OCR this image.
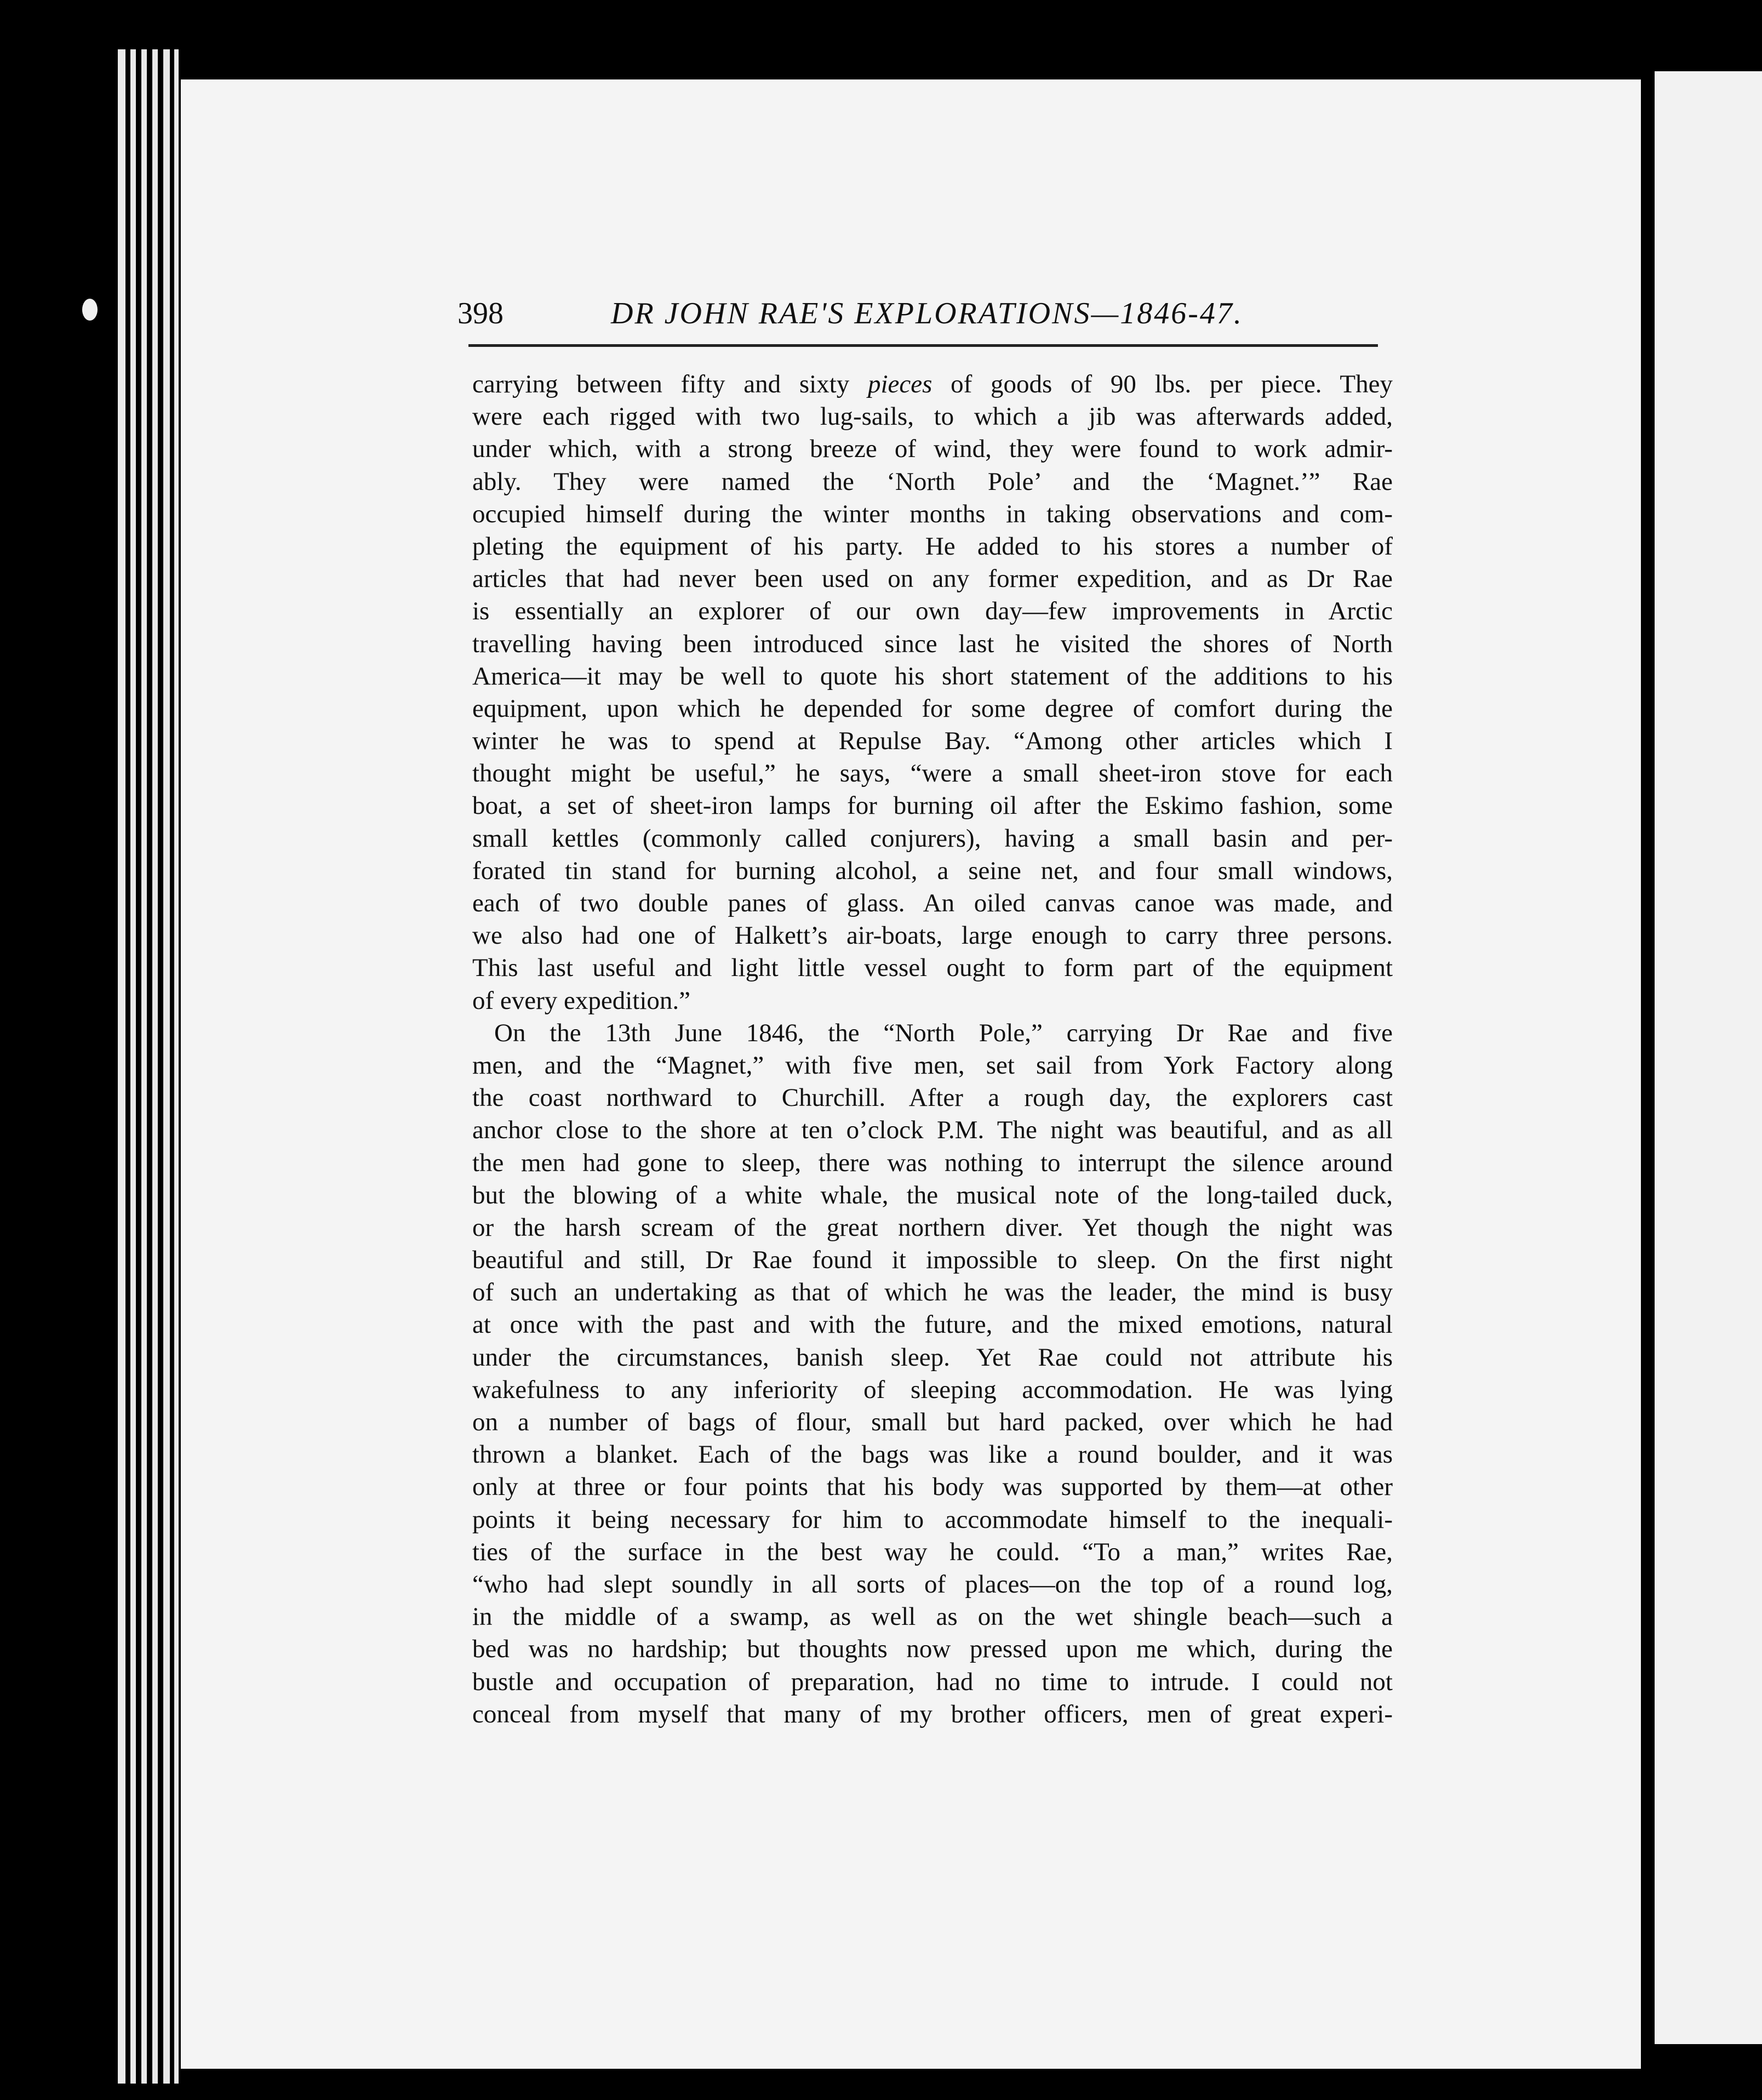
398	DR JOHN RAE'S EXPLORATIONS—1846-47.
carrying between fifty and sixty pieces of goods of 90 lbs. per piece. They
were each rigged with two lug-sails, to which a jib was afterwards added,
under which, with a strong breeze of wind, they were found to work admir-
ably. They were named the ‘North Pole’ and the ‘Magnet.’” Rae
occupied himself during the winter months in taking observations and com-
pleting the equipment of his party. He added to his stores a number of
articles that had never been used on any former expedition, and as Dr Rae
is essentially an explorer of our own day—few improvements in Arctic
travelling having been introduced since last he visited the shores of North
America—it may be well to quote his short statement of the additions to his
equipment, upon which he depended for some degree of comfort during the
winter he was to spend at Repulse Bay. “Among other articles which I
thought might be useful,” he says, “were a small sheet-iron stove for each
boat, a set of sheet-iron lamps for burning oil after the Eskimo fashion, some
small kettles (commonly called conjurers), having a small basin and per-
forated tin stand for burning alcohol, a seine net, and four small windows,
each of two double panes of glass. An oiled canvas canoe was made, and
we also had one of Halkett’s air-boats, large enough to carry three persons.
This last useful and light little vessel ought to form part of the equipment
of every expedition.”
On the 13th June 1846, the “North Pole,” carrying Dr Rae and five
men, and the “Magnet,” with five men, set sail from York Factory along
the coast northward to Churchill. After a rough day, the explorers cast
anchor close to the shore at ten o’clock P.M. The night was beautiful, and as all
the men had gone to sleep, there was nothing to interrupt the silence around
but the blowing of a white whale, the musical note of the long-tailed duck,
or the harsh scream of the great northern diver. Yet though the night was
beautiful and still, Dr Rae found it impossible to sleep. On the first night
of such an undertaking as that of which he was the leader, the mind is busy
at once with the past and with the future, and the mixed emotions, natural
under the circumstances, banish sleep. Yet Rae could not attribute his
wakefulness to any inferiority of sleeping accommodation. He was lying
on a number of bags of flour, small but hard packed, over which he had
thrown a blanket. Each of the bags was like a round boulder, and it was
only at three or four points that his body was supported by them—at other
points it being necessary for him to accommodate himself to the inequali-
ties of the surface in the best way he could. “To a man,” writes Rae,
“who had slept soundly in all sorts of places—on the top of a round log,
in the middle of a swamp, as well as on the wet shingle beach—such a
bed was no hardship; but thoughts now pressed upon me which, during the
bustle and occupation of preparation, had no time to intrude. I could not
conceal from myself that many of my brother officers, men of great experi-
